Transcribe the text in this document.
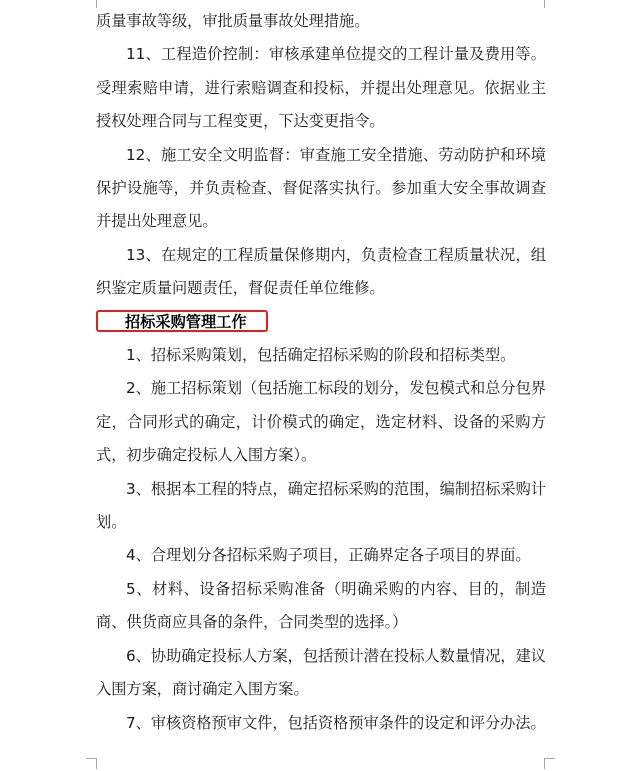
质量事故等级，审批质量事故处理措施。

11、工程造价控制：审核承建单位提交的工程计量及费用等。受理索赔申请，进行索赔调查和投标，并提出处理意见。依据业主授权处理合同与工程变更，下达变更指令。

12、施工安全文明监督：审查施工安全措施、劳动防护和环境保护设施等，并负责检查、督促落实执行。参加重大安全事故调查并提出处理意见。

13、在规定的工程质量保修期内，负责检查工程质量状况，组织鉴定质量问题责任，督促责任单位维修。

招标采购管理工作

1、招标采购策划，包括确定招标采购的阶段和招标类型。

2、施工招标策划（包括施工标段的划分，发包模式和总分包界定，合同形式的确定，计价模式的确定，选定材料、设备的采购方式，初步确定投标人入围方案）。

3、根据本工程的特点，确定招标采购的范围，编制招标采购计划。

4、合理划分各招标采购子项目，正确界定各子项目的界面。

5、材料、设备招标采购准备（明确采购的内容、目的，制造商、供货商应具备的条件，合同类型的选择。）

6、协助确定投标人方案，包括预计潜在投标人数量情况，建议入围方案，商讨确定入围方案。

7、审核资格预审文件，包括资格预审条件的设定和评分办法。
